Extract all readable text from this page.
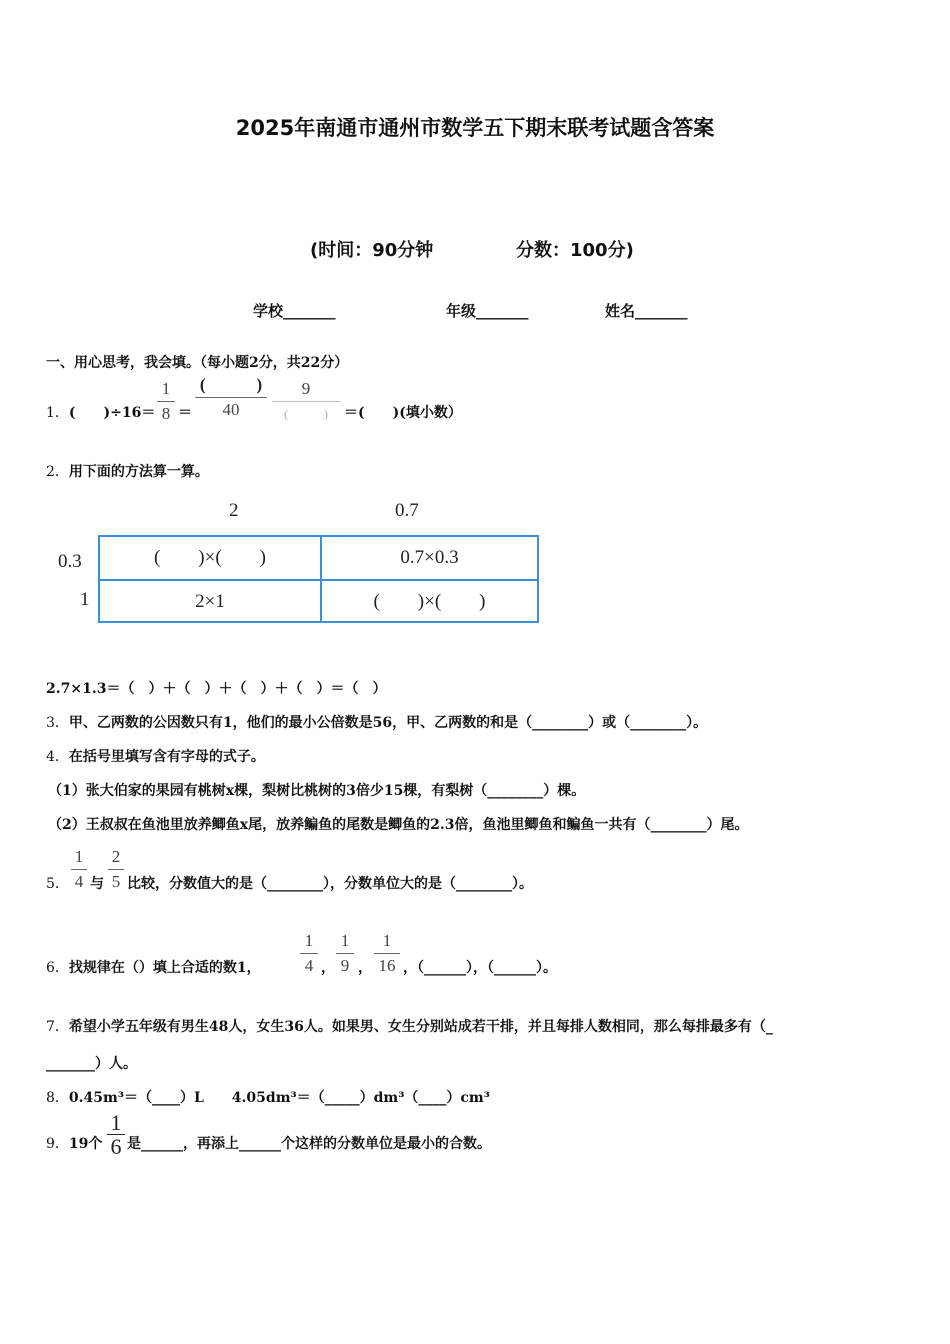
2025年南通市通州市数学五下期末联考试题含答案
(时间：90分钟	分数：100分)
学校_______	年级_______	姓名_______
一、用心思考，我会填。（每小题2分，共22分）
1．(　　)÷16＝
1
8 ＝
(　　　)
40
9
(　　　)	＝(　　)(填小数）
2．用下面的方法算一算。
2	0.7
0.3
1
(　　)×(　　)	0.7×0.3
2×1	(　　)×(　　)
2.7×1.3＝（　）＋（　）＋（　）＋（　）＝（　）
3．甲、乙两数的公因数只有1，他们的最小公倍数是56，甲、乙两数的和是（________）或（________）。
4．在括号里填写含有字母的式子。
（1）张大伯家的果园有桃树x棵，梨树比桃树的3倍少15棵，有梨树（________）棵。
（2）王叔叔在鱼池里放养鲫鱼x尾，放养鳊鱼的尾数是鲫鱼的2.3倍，鱼池里鲫鱼和鳊鱼一共有（________）尾。
5．
1
4 与
2
5 比较，分数值大的是（________），分数单位大的是（________）。
6．找规律在（）填上合适的数1，
1
4 ，
1
9 ，
1
16 ，（______），（______）。
7．希望小学五年级有男生48人，女生36人。如果男、女生分别站成若干排，并且每排人数相同，那么每排最多有（_
_______）人。
8．0.45m³＝（____）L　　4.05dm³＝（_____）dm³（____）cm³
9．19个
1
6 是______，再添上______个这样的分数单位是最小的合数。
